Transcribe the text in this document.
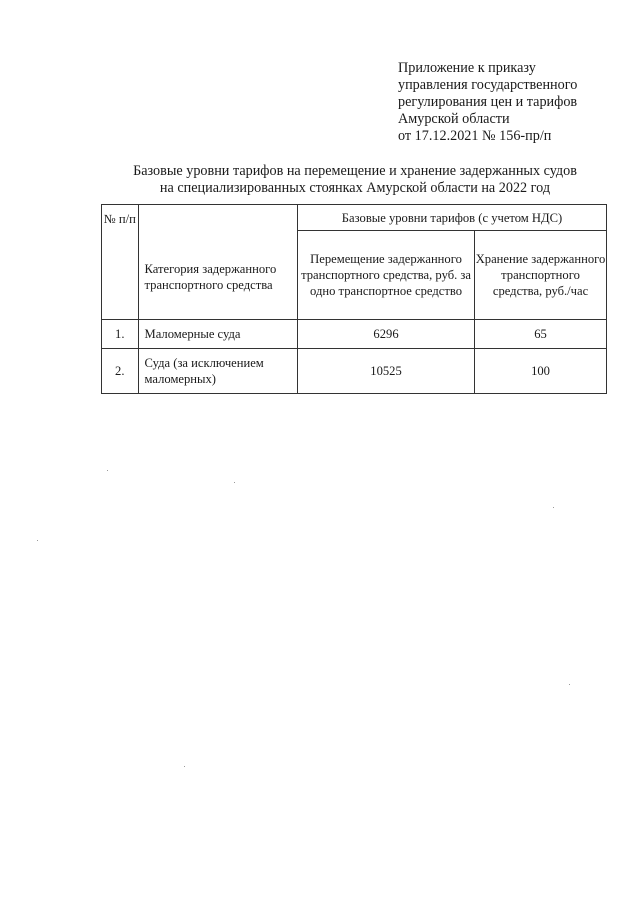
Приложение к приказу
управления государственного
регулирования цен и тарифов
Амурской области
от 17.12.2021 № 156-пр/п
Базовые уровни тарифов на перемещение и хранение задержанных судов
на специализированных стоянках Амурской области на 2022 год
№ п/п	Категория задержанного транспортного средства	Базовые уровни тарифов (с учетом НДС)	
		Перемещение задержанного транспортного средства, руб. за одно транспортное средство	Хранение задержанного транспортного средства, руб./час
1.	Маломерные суда	6296	65
2.	Суда (за исключением маломерных)	10525	100
